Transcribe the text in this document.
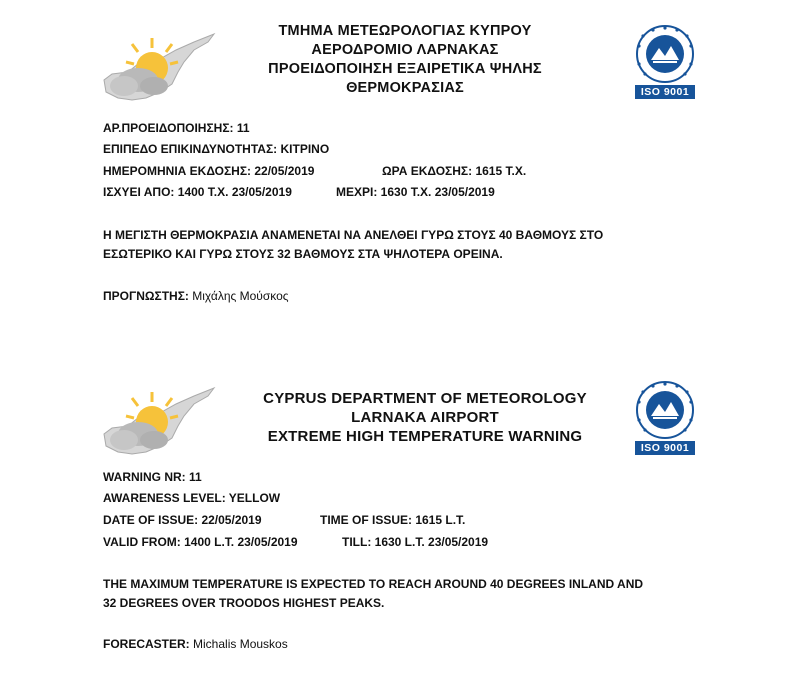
ΤΜΗΜΑ ΜΕΤΕΩΡΟΛΟΓΙΑΣ ΚΥΠΡΟΥ
ΑΕΡΟΔΡΟΜΙΟ ΛΑΡΝΑΚΑΣ
ΠΡΟΕΙΔΟΠΟΙΗΣΗ ΕΞΑΙΡΕΤΙΚΑ ΨΗΛΗΣ
ΘΕΡΜΟΚΡΑΣΙΑΣ	ISO 9001
ΑΡ.ΠΡΟΕΙΔΟΠΟΙΗΣΗΣ: 11
ΕΠΙΠΕΔΟ ΕΠΙΚΙΝΔΥΝΟΤΗΤΑΣ: ΚΙΤΡΙΝΟ
ΗΜΕΡΟΜΗΝΙΑ ΕΚΔΟΣΗΣ: 22/05/2019	ΩΡΑ ΕΚΔΟΣΗΣ: 1615 Τ.Χ.
ΙΣΧΥΕΙ ΑΠΟ: 1400 Τ.Χ. 23/05/2019	ΜΕΧΡΙ: 1630 Τ.Χ. 23/05/2019
Η ΜΕΓΙΣΤΗ ΘΕΡΜΟΚΡΑΣΙΑ ΑΝΑΜΕΝΕΤΑΙ ΝΑ ΑΝΕΛΘΕΙ ΓΥΡΩ ΣΤΟΥΣ 40 ΒΑΘΜΟΥΣ ΣΤΟ
ΕΣΩΤΕΡΙΚΟ ΚΑΙ ΓΥΡΩ ΣΤΟΥΣ 32 ΒΑΘΜΟΥΣ ΣΤΑ ΨΗΛΟΤΕΡΑ ΟΡΕΙΝΑ.
ΠΡΟΓΝΩΣΤΗΣ: Μιχάλης Μούσκος
CYPRUS DEPARTMENT OF METEOROLOGY
LARNAKA AIRPORT
EXTREME HIGH TEMPERATURE WARNING
ISO 9001
WARNING NR: 11
AWARENESS LEVEL: YELLOW
DATE OF ISSUE: 22/05/2019	TIME OF ISSUE: 1615 L.T.
VALID FROM: 1400 L.T. 23/05/2019	TILL: 1630 L.T. 23/05/2019
THE MAXIMUM TEMPERATURE IS EXPECTED TO REACH AROUND 40 DEGREES INLAND AND
32 DEGREES OVER TROODOS HIGHEST PEAKS.
FORECASTER: Michalis Mouskos
